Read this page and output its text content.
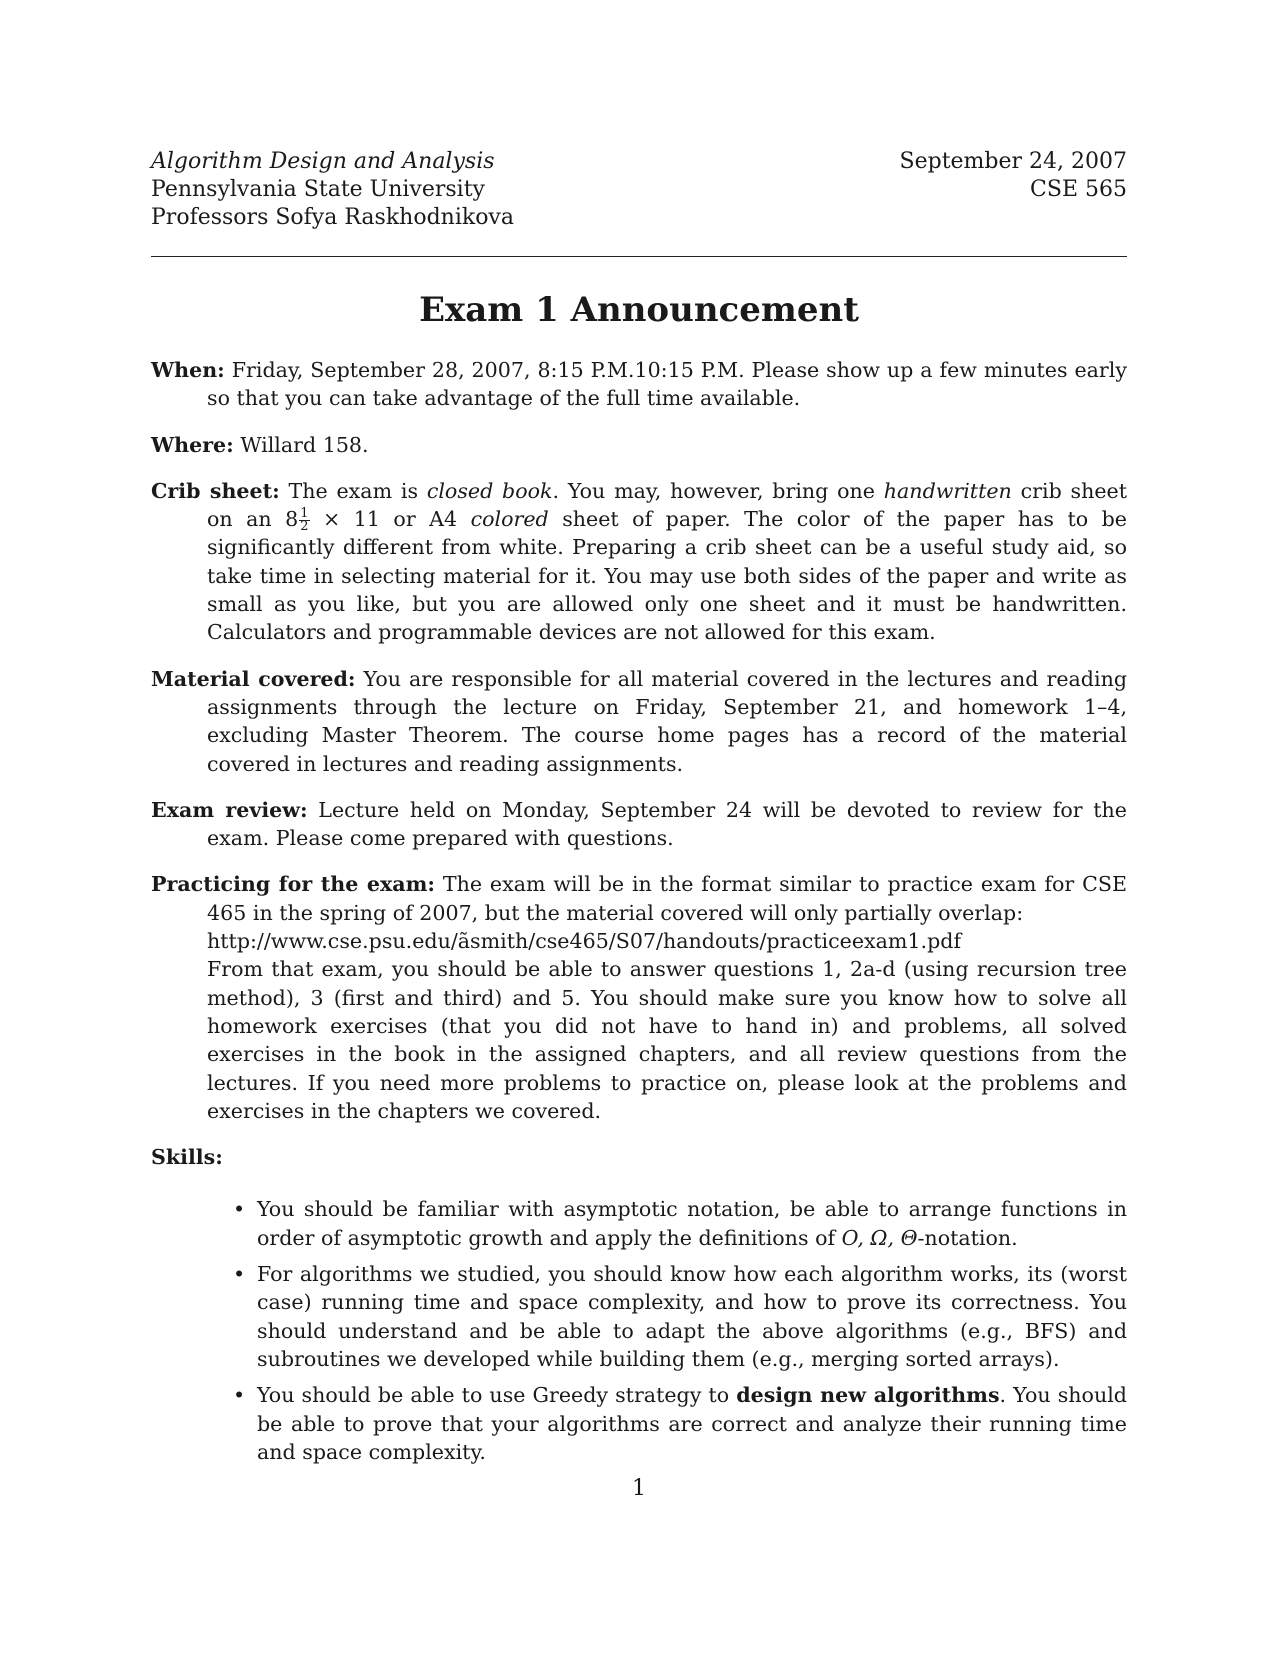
Algorithm Design and Analysis
Pennsylvania State University
Professors Sofya Raskhodnikova
September 24, 2007
CSE 565
Exam 1 Announcement

When: Friday, September 28, 2007, 8:15 P.M.10:15 P.M. Please show up a few minutes early so that you can take advantage of the full time available.

Where: Willard 158.

Crib sheet: The exam is closed book. You may, however, bring one handwritten crib sheet on an $8 \frac{1}{2} \times 11$ or A4 colored sheet of paper. The color of the paper has to be significantly different from white. Preparing a crib sheet can be a useful study aid, so take time in selecting material for it. You may use both sides of the paper and write as small as you like, but you are allowed only one sheet and it must be handwritten. Calculators and programmable devices are not allowed for this exam.

Material covered: You are responsible for all material covered in the lectures and reading assignments through the lecture on Friday, September 21, and homework 1–4, excluding Master Theorem. The course home pages has a record of the material covered in lectures and reading assignments.

Exam review: Lecture held on Monday, September 24 will be devoted to review for the exam. Please come prepared with questions.

Practicing for the exam: The exam will be in the format similar to practice exam for CSE 465 in the spring of 2007, but the material covered will only partially overlap:
http://www.cse.psu.edu/ãsmith/cse465/S07/handouts/practiceexam1.pdf
From that exam, you should be able to answer questions 1, 2a-d (using recursion tree method), 3 (first and third) and 5. You should make sure you know how to solve all homework exercises (that you did not have to hand in) and problems, all solved exercises in the book in the assigned chapters, and all review questions from the lectures. If you need more problems to practice on, please look at the problems and exercises in the chapters we covered.

Skills:
• You should be familiar with asymptotic notation, be able to arrange functions in order of asymptotic growth and apply the definitions of O, Ω, Θ-notation.
• For algorithms we studied, you should know how each algorithm works, its (worst case) running time and space complexity, and how to prove its correctness. You should understand and be able to adapt the above algorithms (e.g., BFS) and subroutines we developed while building them (e.g., merging sorted arrays).
• You should be able to use Greedy strategy to design new algorithms. You should be able to prove that your algorithms are correct and analyze their running time and space complexity.
1
